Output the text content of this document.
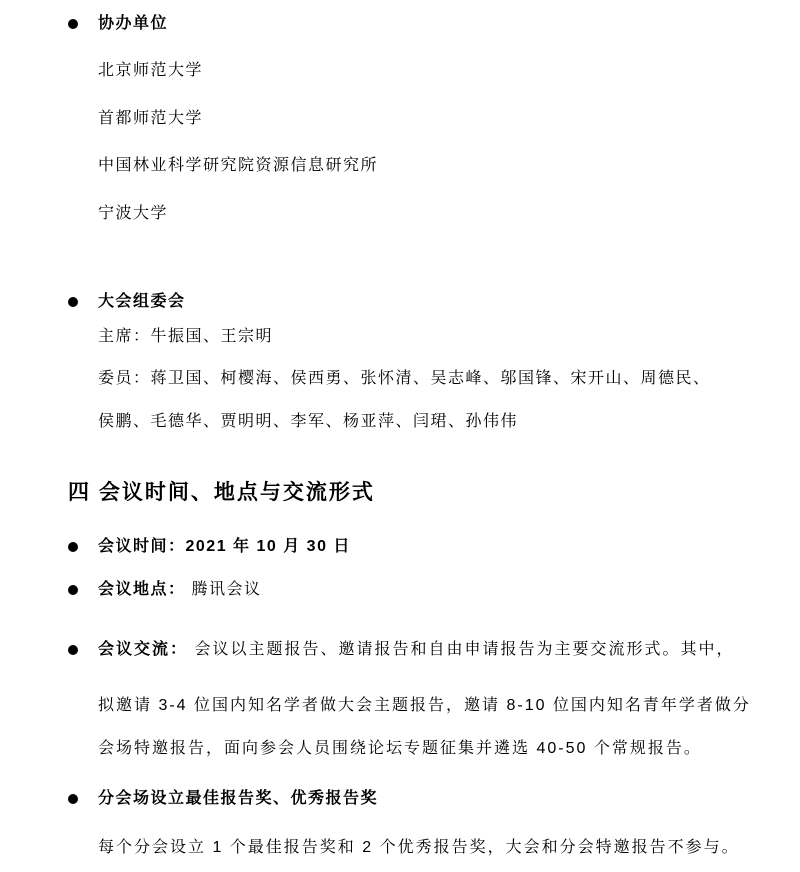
协办单位
北京师范大学
首都师范大学
中国林业科学研究院资源信息研究所
宁波大学
大会组委会
主席：牛振国、王宗明
委员：蒋卫国、柯樱海、侯西勇、张怀清、吴志峰、邬国锋、宋开山、周德民、
侯鹏、毛德华、贾明明、李军、杨亚萍、闫珺、孙伟伟
四 会议时间、地点与交流形式
会议时间：2021 年 10 月 30 日
会议地点： 腾讯会议
会议交流： 会议以主题报告、邀请报告和自由申请报告为主要交流形式。其中，
拟邀请 3-4 位国内知名学者做大会主题报告，邀请 8-10 位国内知名青年学者做分
会场特邀报告，面向参会人员围绕论坛专题征集并遴选 40-50 个常规报告。
分会场设立最佳报告奖、优秀报告奖
每个分会设立 1 个最佳报告奖和 2 个优秀报告奖，大会和分会特邀报告不参与。
